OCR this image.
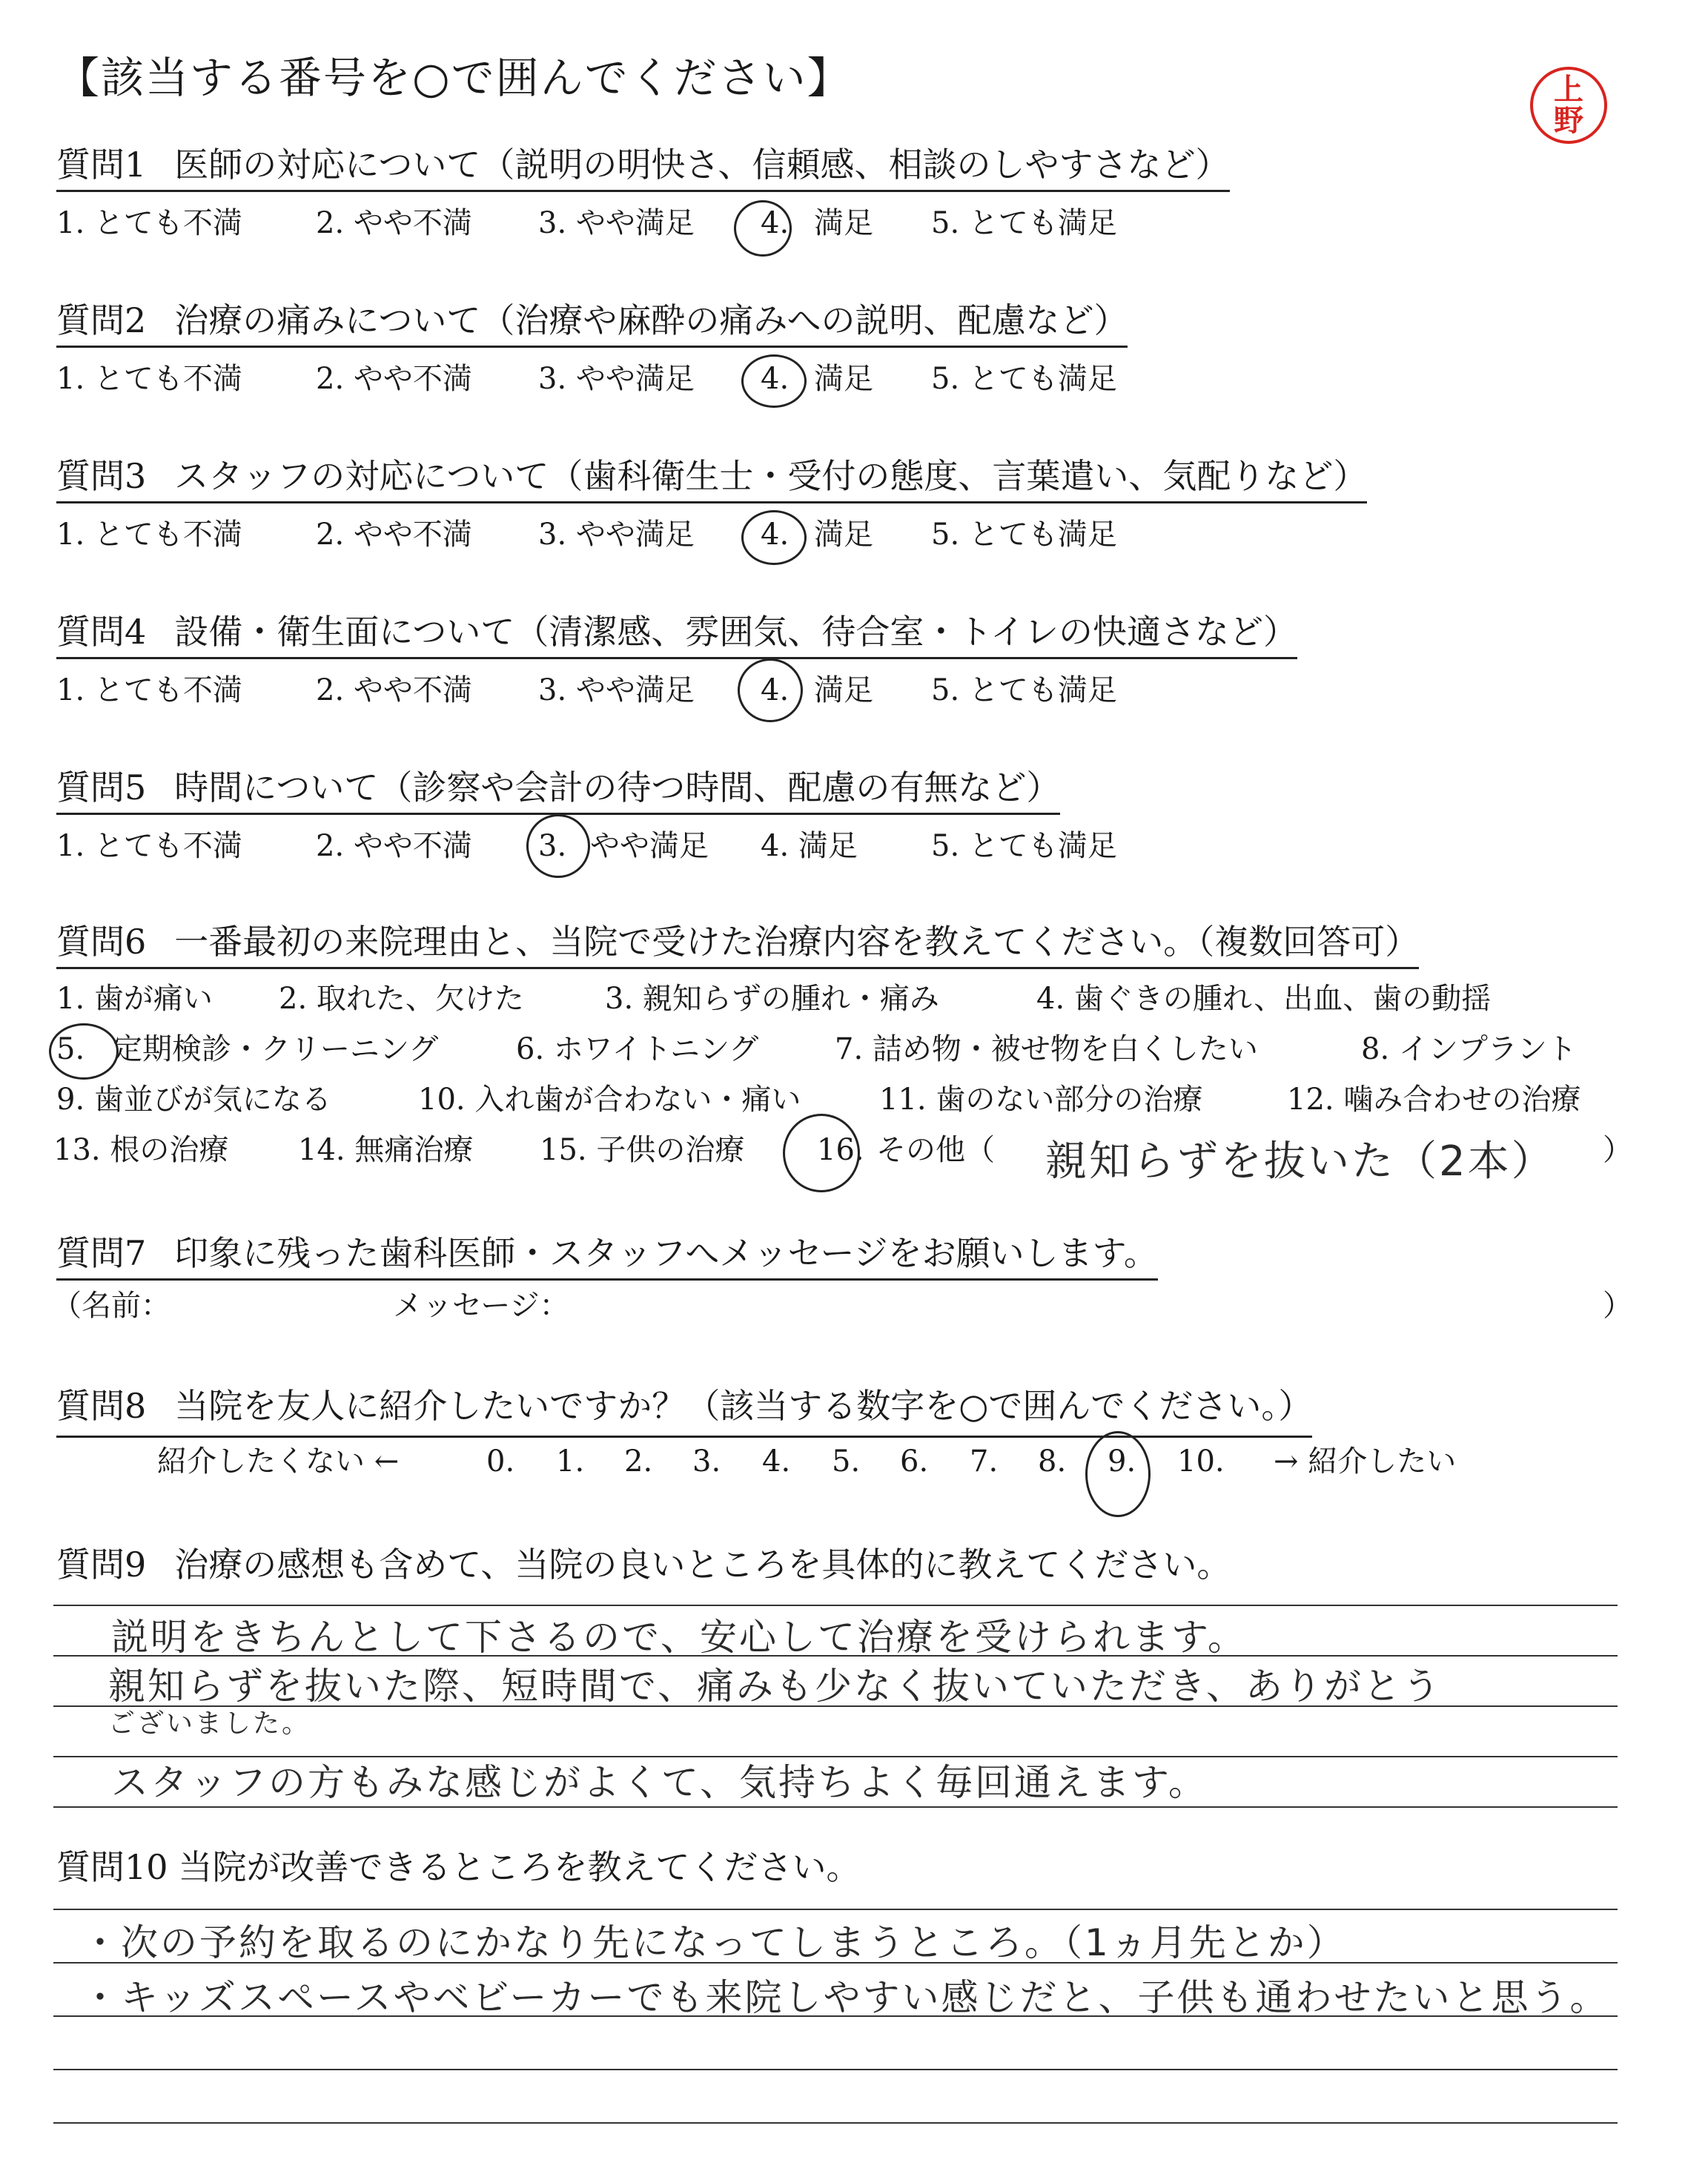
【該当する番号を○で囲んでください】	上
野
質問1 医師の対応について（説明の明快さ、信頼感、相談のしやすさなど）
1. とても不満 2. やや不満 3. やや満足 4. 満足 5. とても満足
質問2 治療の痛みについて（治療や麻酔の痛みへの説明、配慮など）
1. とても不満 2. やや不満 3. やや満足 4. 満足 5. とても満足
質問3 スタッフの対応について（歯科衛生士・受付の態度、言葉遣い、気配りなど）
1. とても不満 2. やや不満 3. やや満足 4. 満足 5. とても満足
質問4 設備・衛生面について（清潔感、雰囲気、待合室・トイレの快適さなど）
1. とても不満 2. やや不満 3. やや満足 4. 満足 5. とても満足
質問5 時間について（診察や会計の待つ時間、配慮の有無など）
1. とても不満 2. やや不満 3. やや満足 4. 満足 5. とても満足
質問6 一番最初の来院理由と、当院で受けた治療内容を教えてください。（複数回答可）
1. 歯が痛い 2. 取れた、欠けた	3. 親知らずの腫れ・痛み	4. 歯ぐきの腫れ、出血、歯の動揺
5. 定期検診・クリーニング	6. ホワイトニング	7. 詰め物・被せ物を白くしたい	8. インプラント
9. 歯並びが気になる	10. 入れ歯が合わない・痛い	11. 歯のない部分の治療	12. 噛み合わせの治療
13. 根の治療 14. 無痛治療 15. 子供の治療 16. その他（	）
親知らずを抜いた（2本）
質問7 印象に残った歯科医師・スタッフへメッセージをお願いします。
（名前：	メッセージ：	）
質問8 当院を友人に紹介したいですか？（該当する数字を○で囲んでください。）
紹介したくない ←	0. 1. 2. 3. 4. 5. 6. 7. 8. 9. 10. → 紹介したい
質問9 治療の感想も含めて、当院の良いところを具体的に教えてください。
説明をきちんとして下さるので、安心して治療を受けられます。
親知らずを抜いた際、短時間で、痛みも少なく抜いていただき、ありがとう
ございました。
スタッフの方もみな感じがよくて、気持ちよく毎回通えます。
質問10 当院が改善できるところを教えてください。
・次の予約を取るのにかなり先になってしまうところ。（1ヵ月先とか）
・キッズスペースやベビーカーでも来院しやすい感じだと、子供も通わせたいと思う。
